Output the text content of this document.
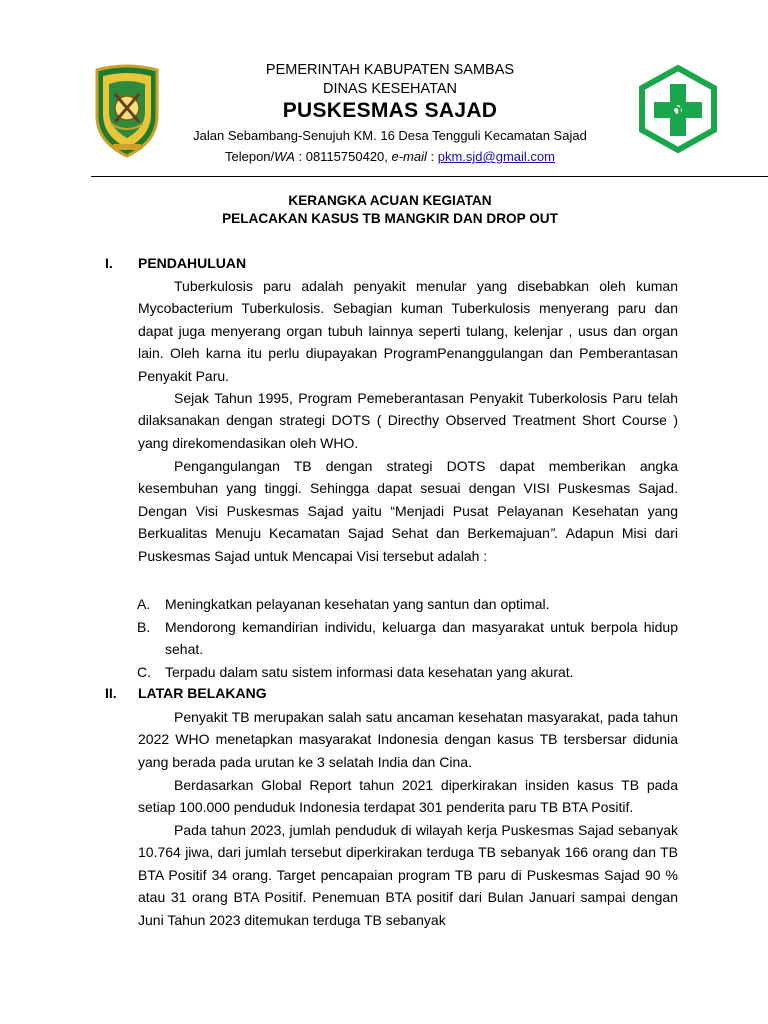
PEMERINTAH KABUPATEN SAMBAS
DINAS KESEHATAN
PUSKESMAS SAJAD
Jalan Sebambang-Senujuh KM. 16 Desa Tengguli Kecamatan Sajad
Telepon/WA : 08115750420, e-mail : pkm.sjd@gmail.com
KERANGKA ACUAN KEGIATAN
PELACAKAN KASUS TB MANGKIR DAN DROP OUT
I. PENDAHULUAN

Tuberkulosis paru adalah penyakit menular yang disebabkan oleh kuman Mycobacterium Tuberkulosis. Sebagian kuman Tuberkulosis menyerang paru dan dapat juga menyerang organ tubuh lainnya seperti tulang, kelenjar , usus dan organ lain. Oleh karna itu perlu diupayakan ProgramPenanggulangan dan Pemberantasan Penyakit Paru.

Sejak Tahun 1995, Program Pemeberantasan Penyakit Tuberkolosis Paru telah dilaksanakan dengan strategi DOTS ( Directhy Observed Treatment Short Course ) yang direkomendasikan oleh WHO.

Pengangulangan TB dengan strategi DOTS dapat memberikan angka kesembuhan yang tinggi. Sehingga dapat sesuai dengan VISI Puskesmas Sajad. Dengan Visi Puskesmas Sajad yaitu “Menjadi Pusat Pelayanan Kesehatan yang Berkualitas Menuju Kecamatan Sajad Sehat dan Berkemajuan”. Adapun Misi dari Puskesmas Sajad untuk Mencapai Visi tersebut adalah :

A. Meningkatkan pelayanan kesehatan yang santun dan optimal.

B. Mendorong kemandirian individu, keluarga dan masyarakat untuk berpola hidup sehat.

C. Terpadu dalam satu sistem informasi data kesehatan yang akurat.

II. LATAR BELAKANG

Penyakit TB merupakan salah satu ancaman kesehatan masyarakat, pada tahun 2022 WHO menetapkan masyarakat Indonesia dengan kasus TB tersbersar didunia yang berada pada urutan ke 3 selatah India dan Cina.

Berdasarkan Global Report tahun 2021 diperkirakan insiden kasus TB pada setiap 100.000 penduduk Indonesia terdapat 301 penderita paru TB BTA Positif.

Pada tahun 2023, jumlah penduduk di wilayah kerja Puskesmas Sajad sebanyak 10.764 jiwa, dari jumlah tersebut diperkirakan terduga TB sebanyak 166 orang dan TB BTA Positif 34 orang. Target pencapaian program TB paru di Puskesmas Sajad 90 % atau 31 orang BTA Positif. Penemuan BTA positif dari Bulan Januari sampai dengan Juni Tahun 2023 ditemukan terduga TB sebanyak
